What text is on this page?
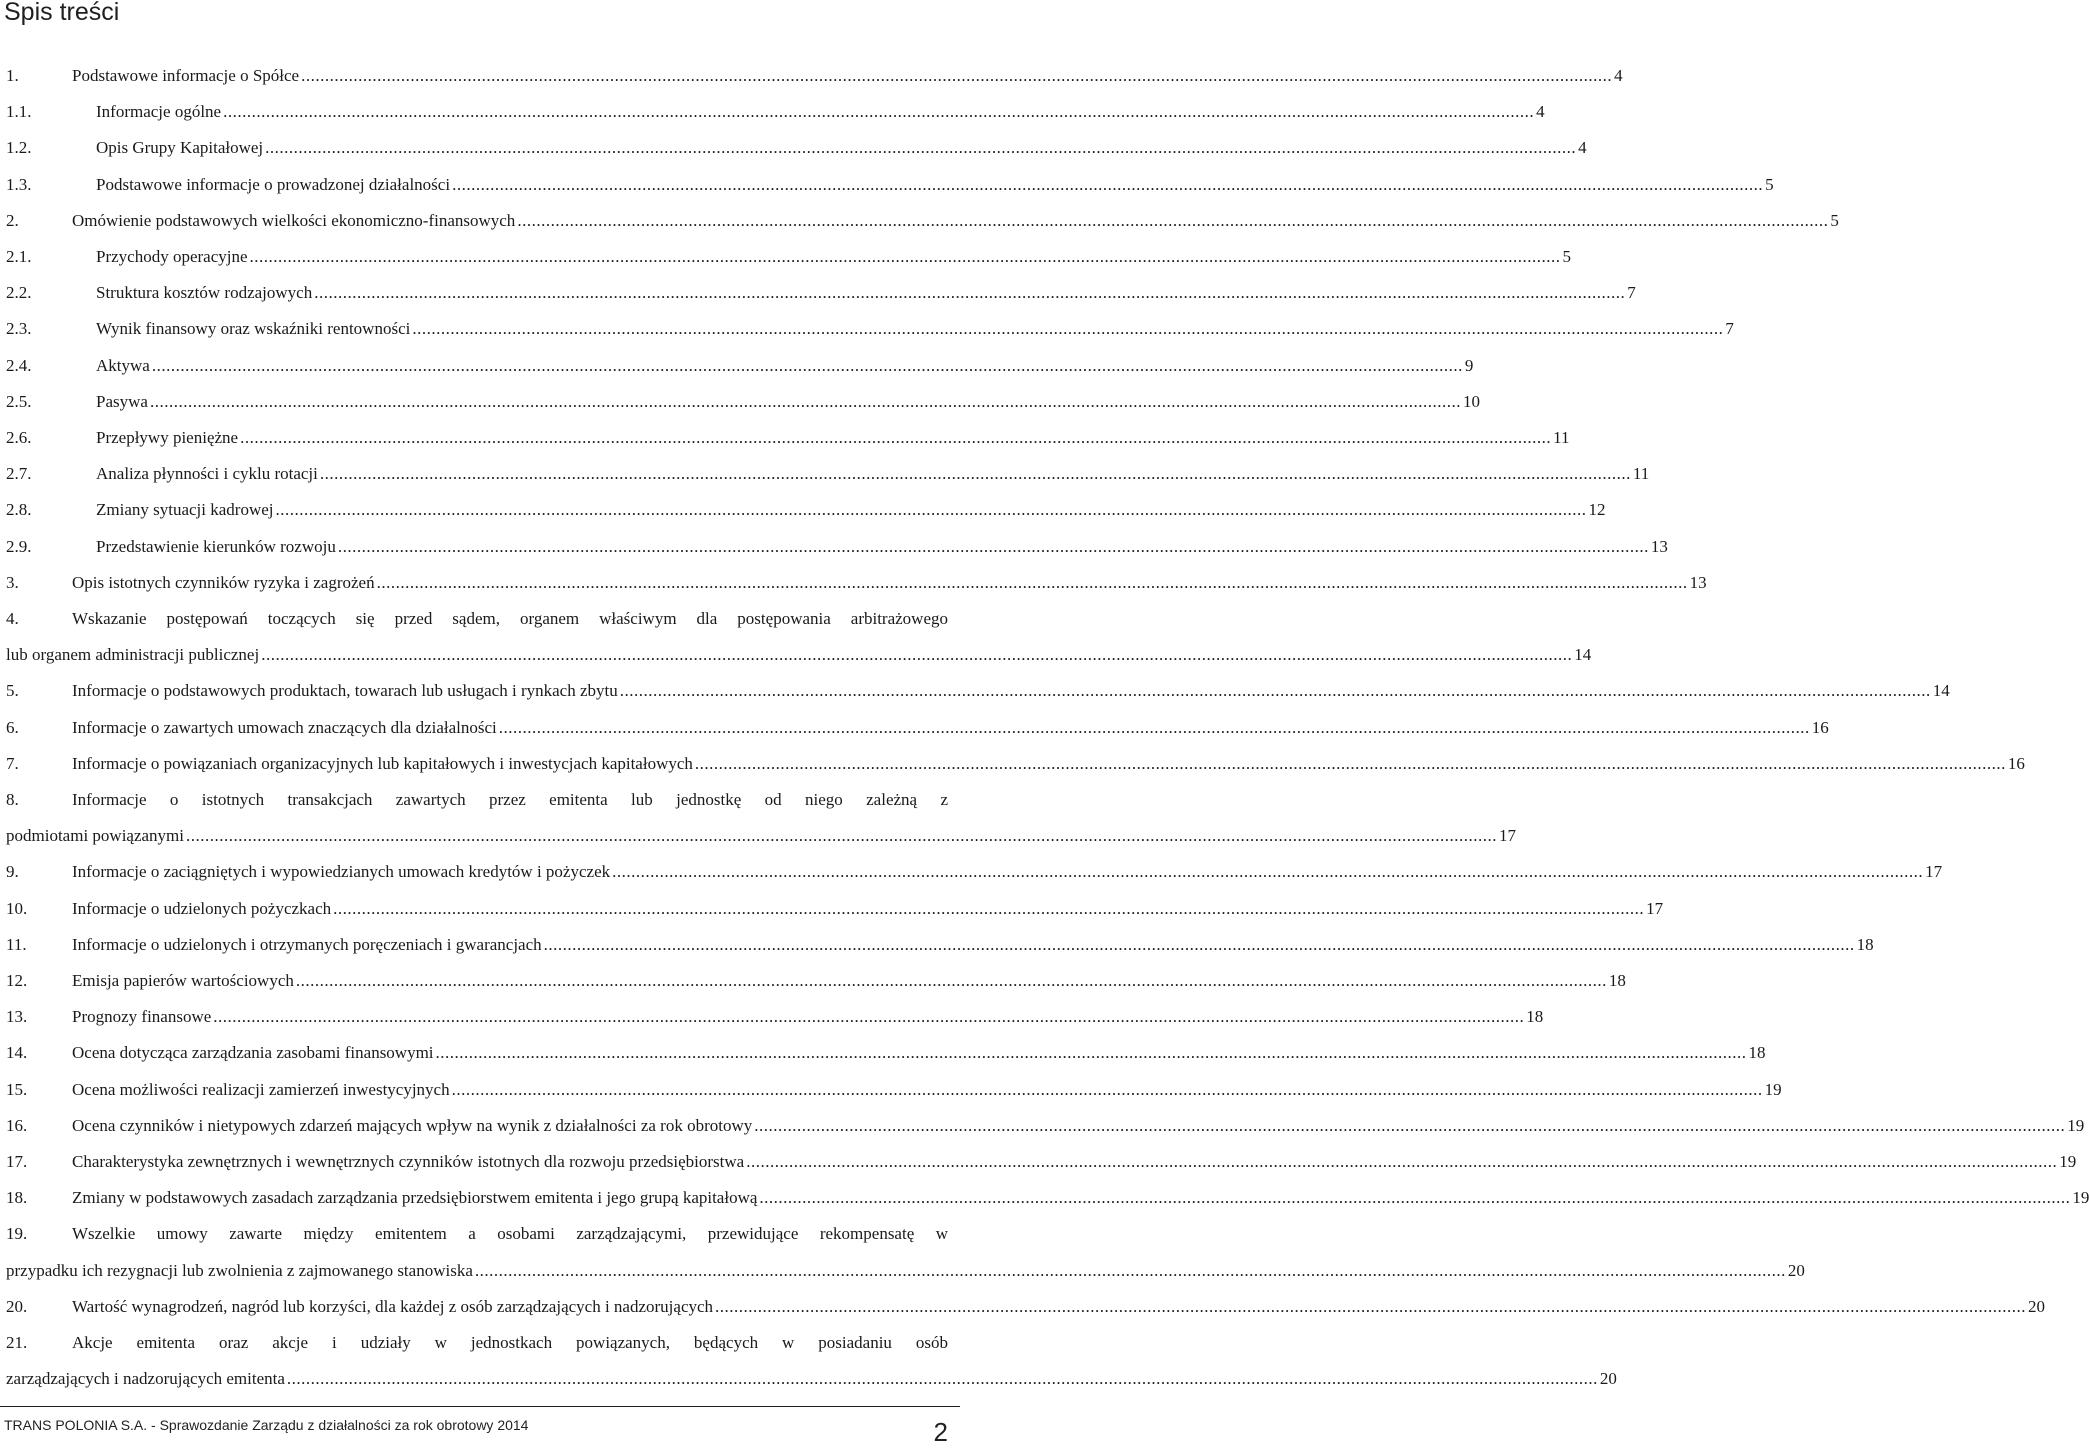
Spis treści
1.	Podstawowe informacje o Spółce .....	4
1.1.	Informacje ogólne .....	4
1.2.	Opis Grupy Kapitałowej .....	4
1.3.	Podstawowe informacje o prowadzonej działalności .....	5
2.	Omówienie podstawowych wielkości ekonomiczno-finansowych .....	5
2.1.	Przychody operacyjne .....	5
2.2.	Struktura kosztów rodzajowych .....	7
2.3.	Wynik finansowy oraz wskaźniki rentowności .....	7
2.4.	Aktywa .....	9
2.5.	Pasywa .....	10
2.6.	Przepływy pieniężne .....	11
2.7.	Analiza płynności i cyklu rotacji .....	11
2.8.	Zmiany sytuacji kadrowej .....	12
2.9.	Przedstawienie kierunków rozwoju .....	13
3.	Opis istotnych czynników ryzyka i zagrożeń .....	13
4.	Wskazanie postępowań toczących się przed sądem, organem właściwym dla postępowania arbitrażowego
lub organem administracji publicznej .....	14
5.	Informacje o podstawowych produktach, towarach lub usługach i rynkach zbytu .....	14
6.	Informacje o zawartych umowach znaczących dla działalności .....	16
7.	Informacje o powiązaniach organizacyjnych lub kapitałowych i inwestycjach kapitałowych .....	16
8.	Informacje o istotnych transakcjach zawartych przez emitenta lub jednostkę od niego zależną z
podmiotami powiązanymi .....	17
9.	Informacje o zaciągniętych i wypowiedzianych umowach kredytów i pożyczek .....	17
10.	Informacje o udzielonych pożyczkach .....	17
11.	Informacje o udzielonych i otrzymanych poręczeniach i gwarancjach .....	18
12.	Emisja papierów wartościowych .....	18
13.	Prognozy finansowe .....	18
14.	Ocena dotycząca zarządzania zasobami finansowymi .....	18
15.	Ocena możliwości realizacji zamierzeń inwestycyjnych .....	19
16.	Ocena czynników i nietypowych zdarzeń mających wpływ na wynik z działalności za rok obrotowy .....	19
17.	Charakterystyka zewnętrznych i wewnętrznych czynników istotnych dla rozwoju przedsiębiorstwa .....	19
18.	Zmiany w podstawowych zasadach zarządzania przedsiębiorstwem emitenta i jego grupą kapitałową .....	19
19.	Wszelkie umowy zawarte między emitentem a osobami zarządzającymi, przewidujące rekompensatę w
przypadku ich rezygnacji lub zwolnienia z zajmowanego stanowiska .....	20
20.	Wartość wynagrodzeń, nagród lub korzyści, dla każdej z osób zarządzających i nadzorujących .....	20
21.	Akcje emitenta oraz akcje i udziały w jednostkach powiązanych, będących w posiadaniu osób
zarządzających i nadzorujących emitenta .....	20
TRANS POLONIA S.A. - Sprawozdanie Zarządu z działalności za rok obrotowy 2014	2
